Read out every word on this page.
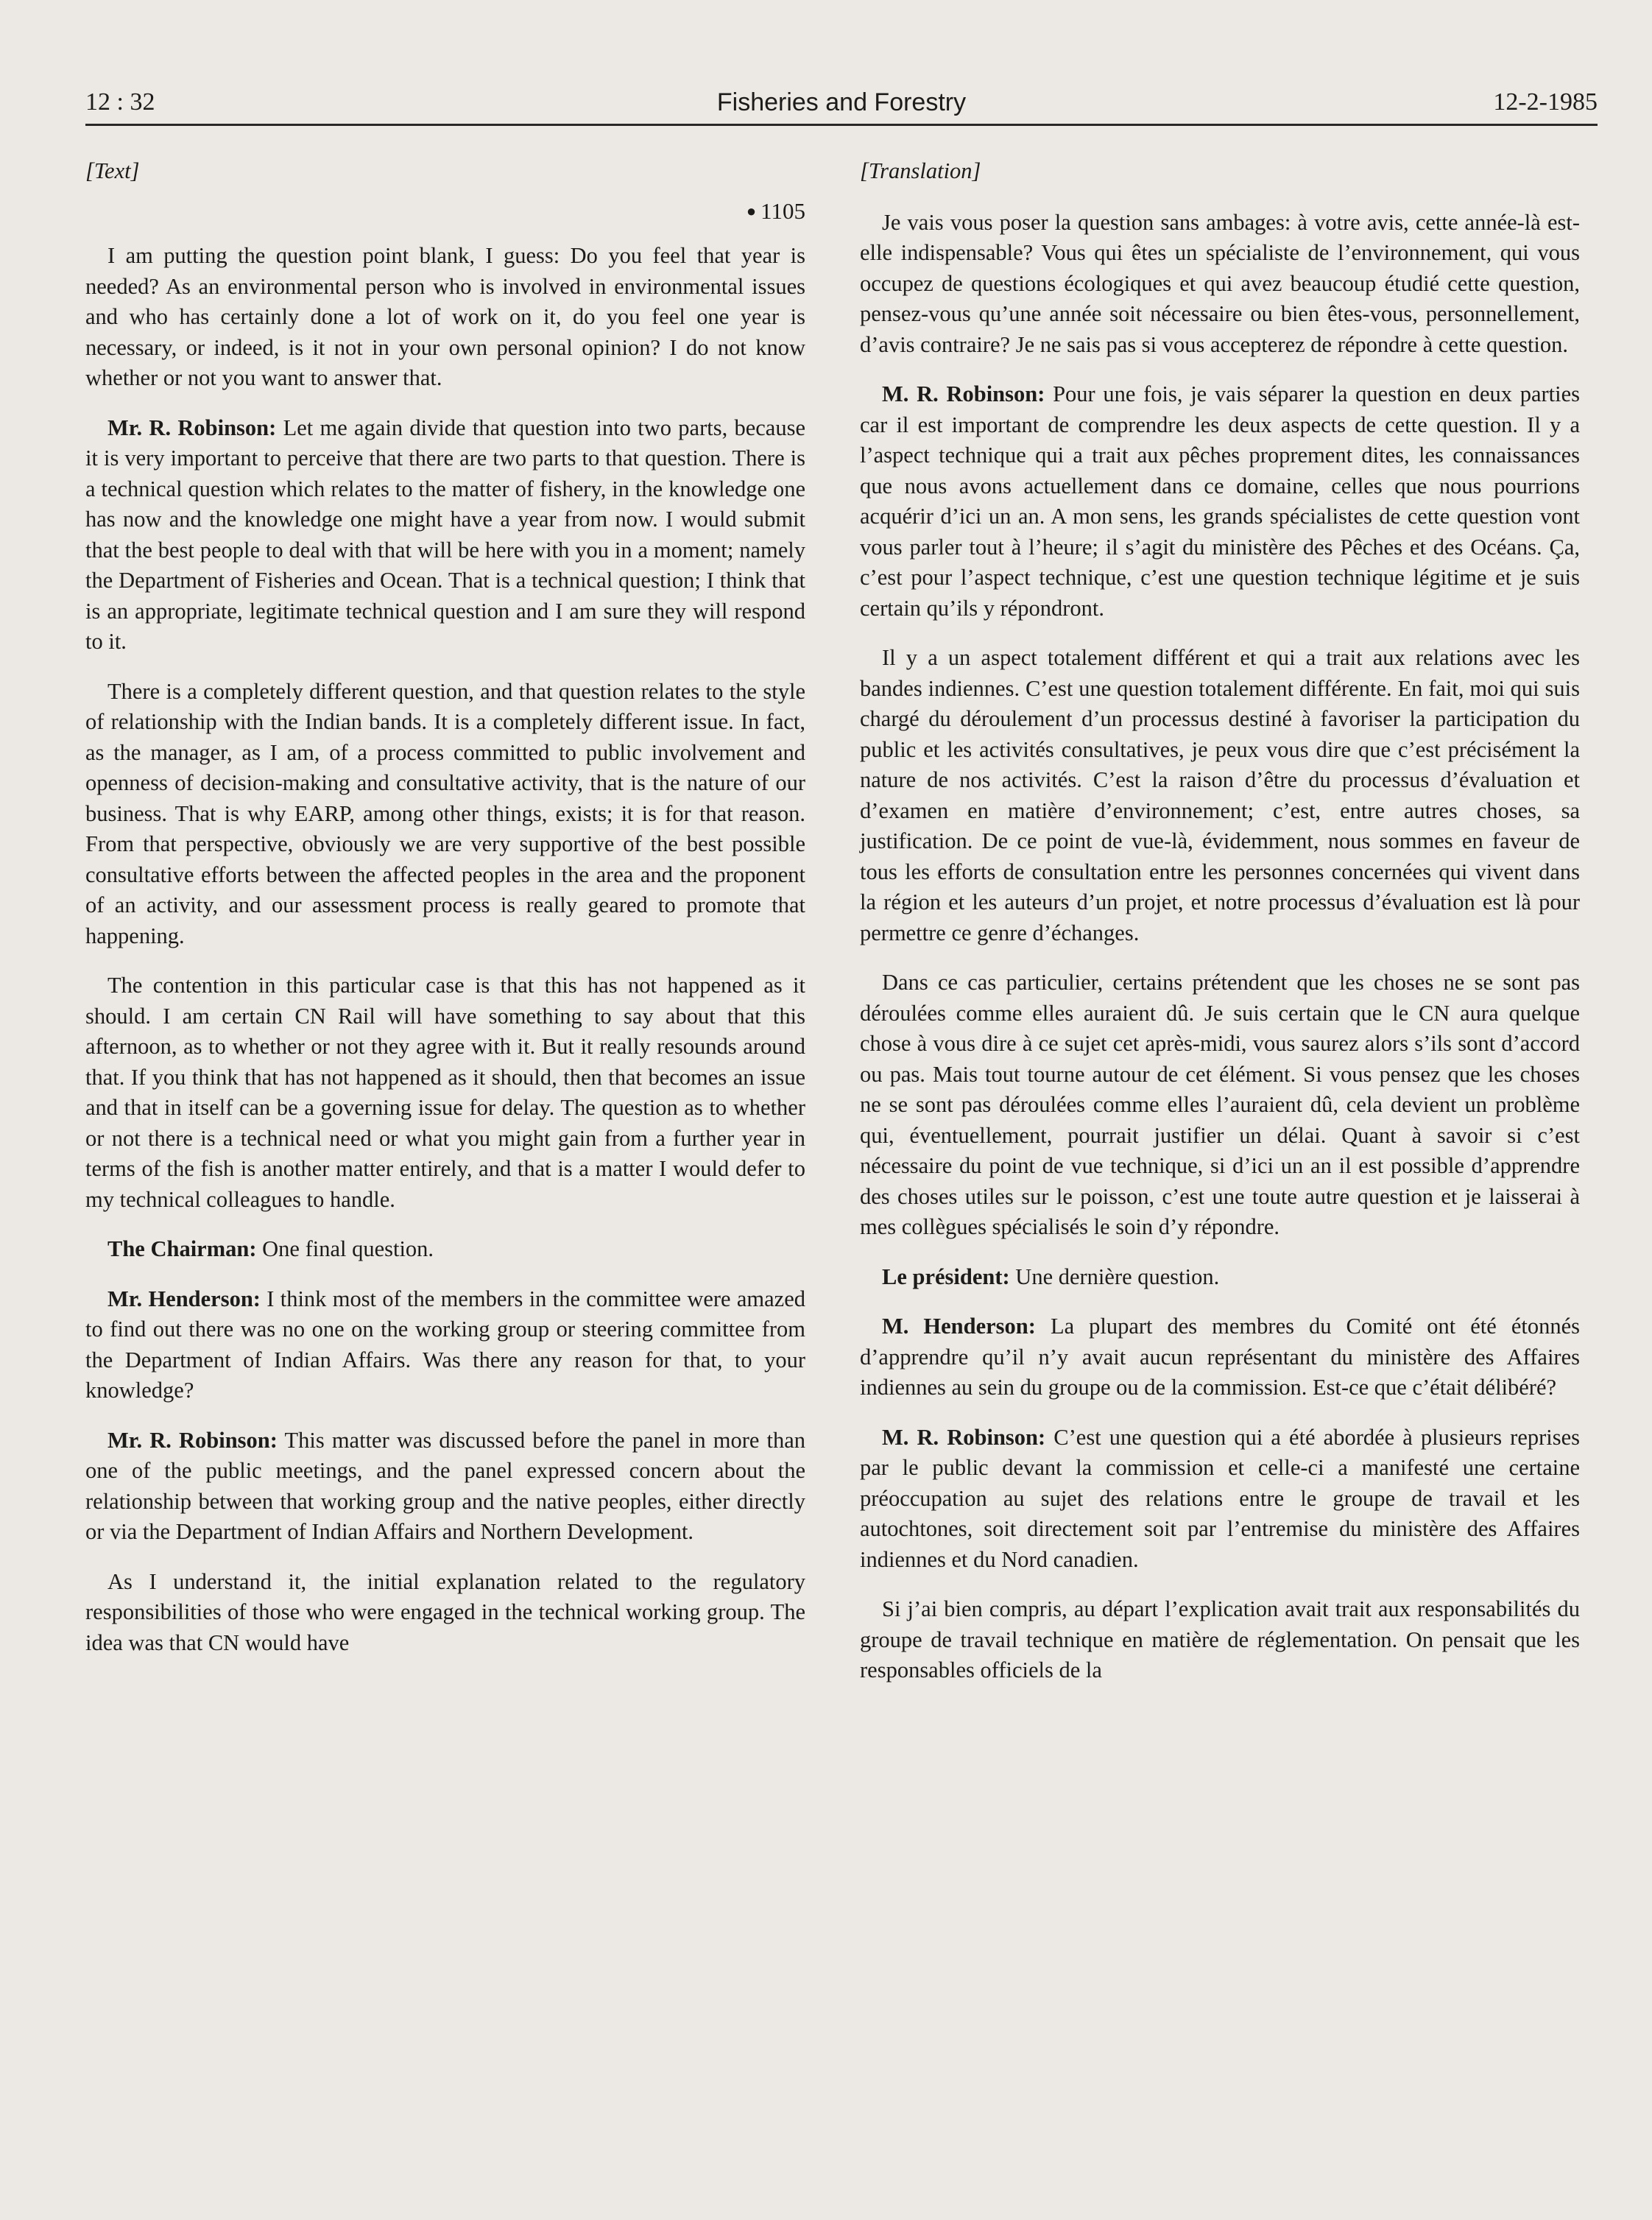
12 : 32	Fisheries and Forestry	12-2-1985
[Text]
● 1105

I am putting the question point blank, I guess: Do you feel that year is needed? As an environmental person who is involved in environmental issues and who has certainly done a lot of work on it, do you feel one year is necessary, or indeed, is it not in your own personal opinion? I do not know whether or not you want to answer that.

Mr. R. Robinson: Let me again divide that question into two parts, because it is very important to perceive that there are two parts to that question. There is a technical question which relates to the matter of fishery, in the knowledge one has now and the knowledge one might have a year from now. I would submit that the best people to deal with that will be here with you in a moment; namely the Department of Fisheries and Ocean. That is a technical question; I think that is an appropriate, legitimate technical question and I am sure they will respond to it.

There is a completely different question, and that question relates to the style of relationship with the Indian bands. It is a completely different issue. In fact, as the manager, as I am, of a process committed to public involvement and openness of decision-making and consultative activity, that is the nature of our business. That is why EARP, among other things, exists; it is for that reason. From that perspective, obviously we are very supportive of the best possible consultative efforts between the affected peoples in the area and the proponent of an activity, and our assessment process is really geared to promote that happening.

The contention in this particular case is that this has not happened as it should. I am certain CN Rail will have something to say about that this afternoon, as to whether or not they agree with it. But it really resounds around that. If you think that has not happened as it should, then that becomes an issue and that in itself can be a governing issue for delay. The question as to whether or not there is a technical need or what you might gain from a further year in terms of the fish is another matter entirely, and that is a matter I would defer to my technical colleagues to handle.

The Chairman: One final question.

Mr. Henderson: I think most of the members in the committee were amazed to find out there was no one on the working group or steering committee from the Department of Indian Affairs. Was there any reason for that, to your knowledge?

Mr. R. Robinson: This matter was discussed before the panel in more than one of the public meetings, and the panel expressed concern about the relationship between that working group and the native peoples, either directly or via the Department of Indian Affairs and Northern Development.

As I understand it, the initial explanation related to the regulatory responsibilities of those who were engaged in the technical working group. The idea was that CN would have

[Translation]

Je vais vous poser la question sans ambages: à votre avis, cette année-là est-elle indispensable? Vous qui êtes un spécialiste de l’environnement, qui vous occupez de questions écologiques et qui avez beaucoup étudié cette question, pensez-vous qu’une année soit nécessaire ou bien êtes-vous, personnellement, d’avis contraire? Je ne sais pas si vous accepterez de répondre à cette question.

M. R. Robinson: Pour une fois, je vais séparer la question en deux parties car il est important de comprendre les deux aspects de cette question. Il y a l’aspect technique qui a trait aux pêches proprement dites, les connaissances que nous avons actuellement dans ce domaine, celles que nous pourrions acquérir d’ici un an. A mon sens, les grands spécialistes de cette question vont vous parler tout à l’heure; il s’agit du ministère des Pêches et des Océans. Ça, c’est pour l’aspect technique, c’est une question technique légitime et je suis certain qu’ils y répondront.

Il y a un aspect totalement différent et qui a trait aux relations avec les bandes indiennes. C’est une question totalement différente. En fait, moi qui suis chargé du déroulement d’un processus destiné à favoriser la participation du public et les activités consultatives, je peux vous dire que c’est précisément la nature de nos activités. C’est la raison d’être du processus d’évaluation et d’examen en matière d’environnement; c’est, entre autres choses, sa justification. De ce point de vue-là, évidemment, nous sommes en faveur de tous les efforts de consultation entre les personnes concernées qui vivent dans la région et les auteurs d’un projet, et notre processus d’évaluation est là pour permettre ce genre d’échanges.

Dans ce cas particulier, certains prétendent que les choses ne se sont pas déroulées comme elles auraient dû. Je suis certain que le CN aura quelque chose à vous dire à ce sujet cet après-midi, vous saurez alors s’ils sont d’accord ou pas. Mais tout tourne autour de cet élément. Si vous pensez que les choses ne se sont pas déroulées comme elles l’auraient dû, cela devient un problème qui, éventuellement, pourrait justifier un délai. Quant à savoir si c’est nécessaire du point de vue technique, si d’ici un an il est possible d’apprendre des choses utiles sur le poisson, c’est une toute autre question et je laisserai à mes collègues spécialisés le soin d’y répondre.

Le président: Une dernière question.

M. Henderson: La plupart des membres du Comité ont été étonnés d’apprendre qu’il n’y avait aucun représentant du ministère des Affaires indiennes au sein du groupe ou de la commission. Est-ce que c’était délibéré?

M. R. Robinson: C’est une question qui a été abordée à plusieurs reprises par le public devant la commission et celle-ci a manifesté une certaine préoccupation au sujet des relations entre le groupe de travail et les autochtones, soit directement soit par l’entremise du ministère des Affaires indiennes et du Nord canadien.

Si j’ai bien compris, au départ l’explication avait trait aux responsabilités du groupe de travail technique en matière de réglementation. On pensait que les responsables officiels de la
